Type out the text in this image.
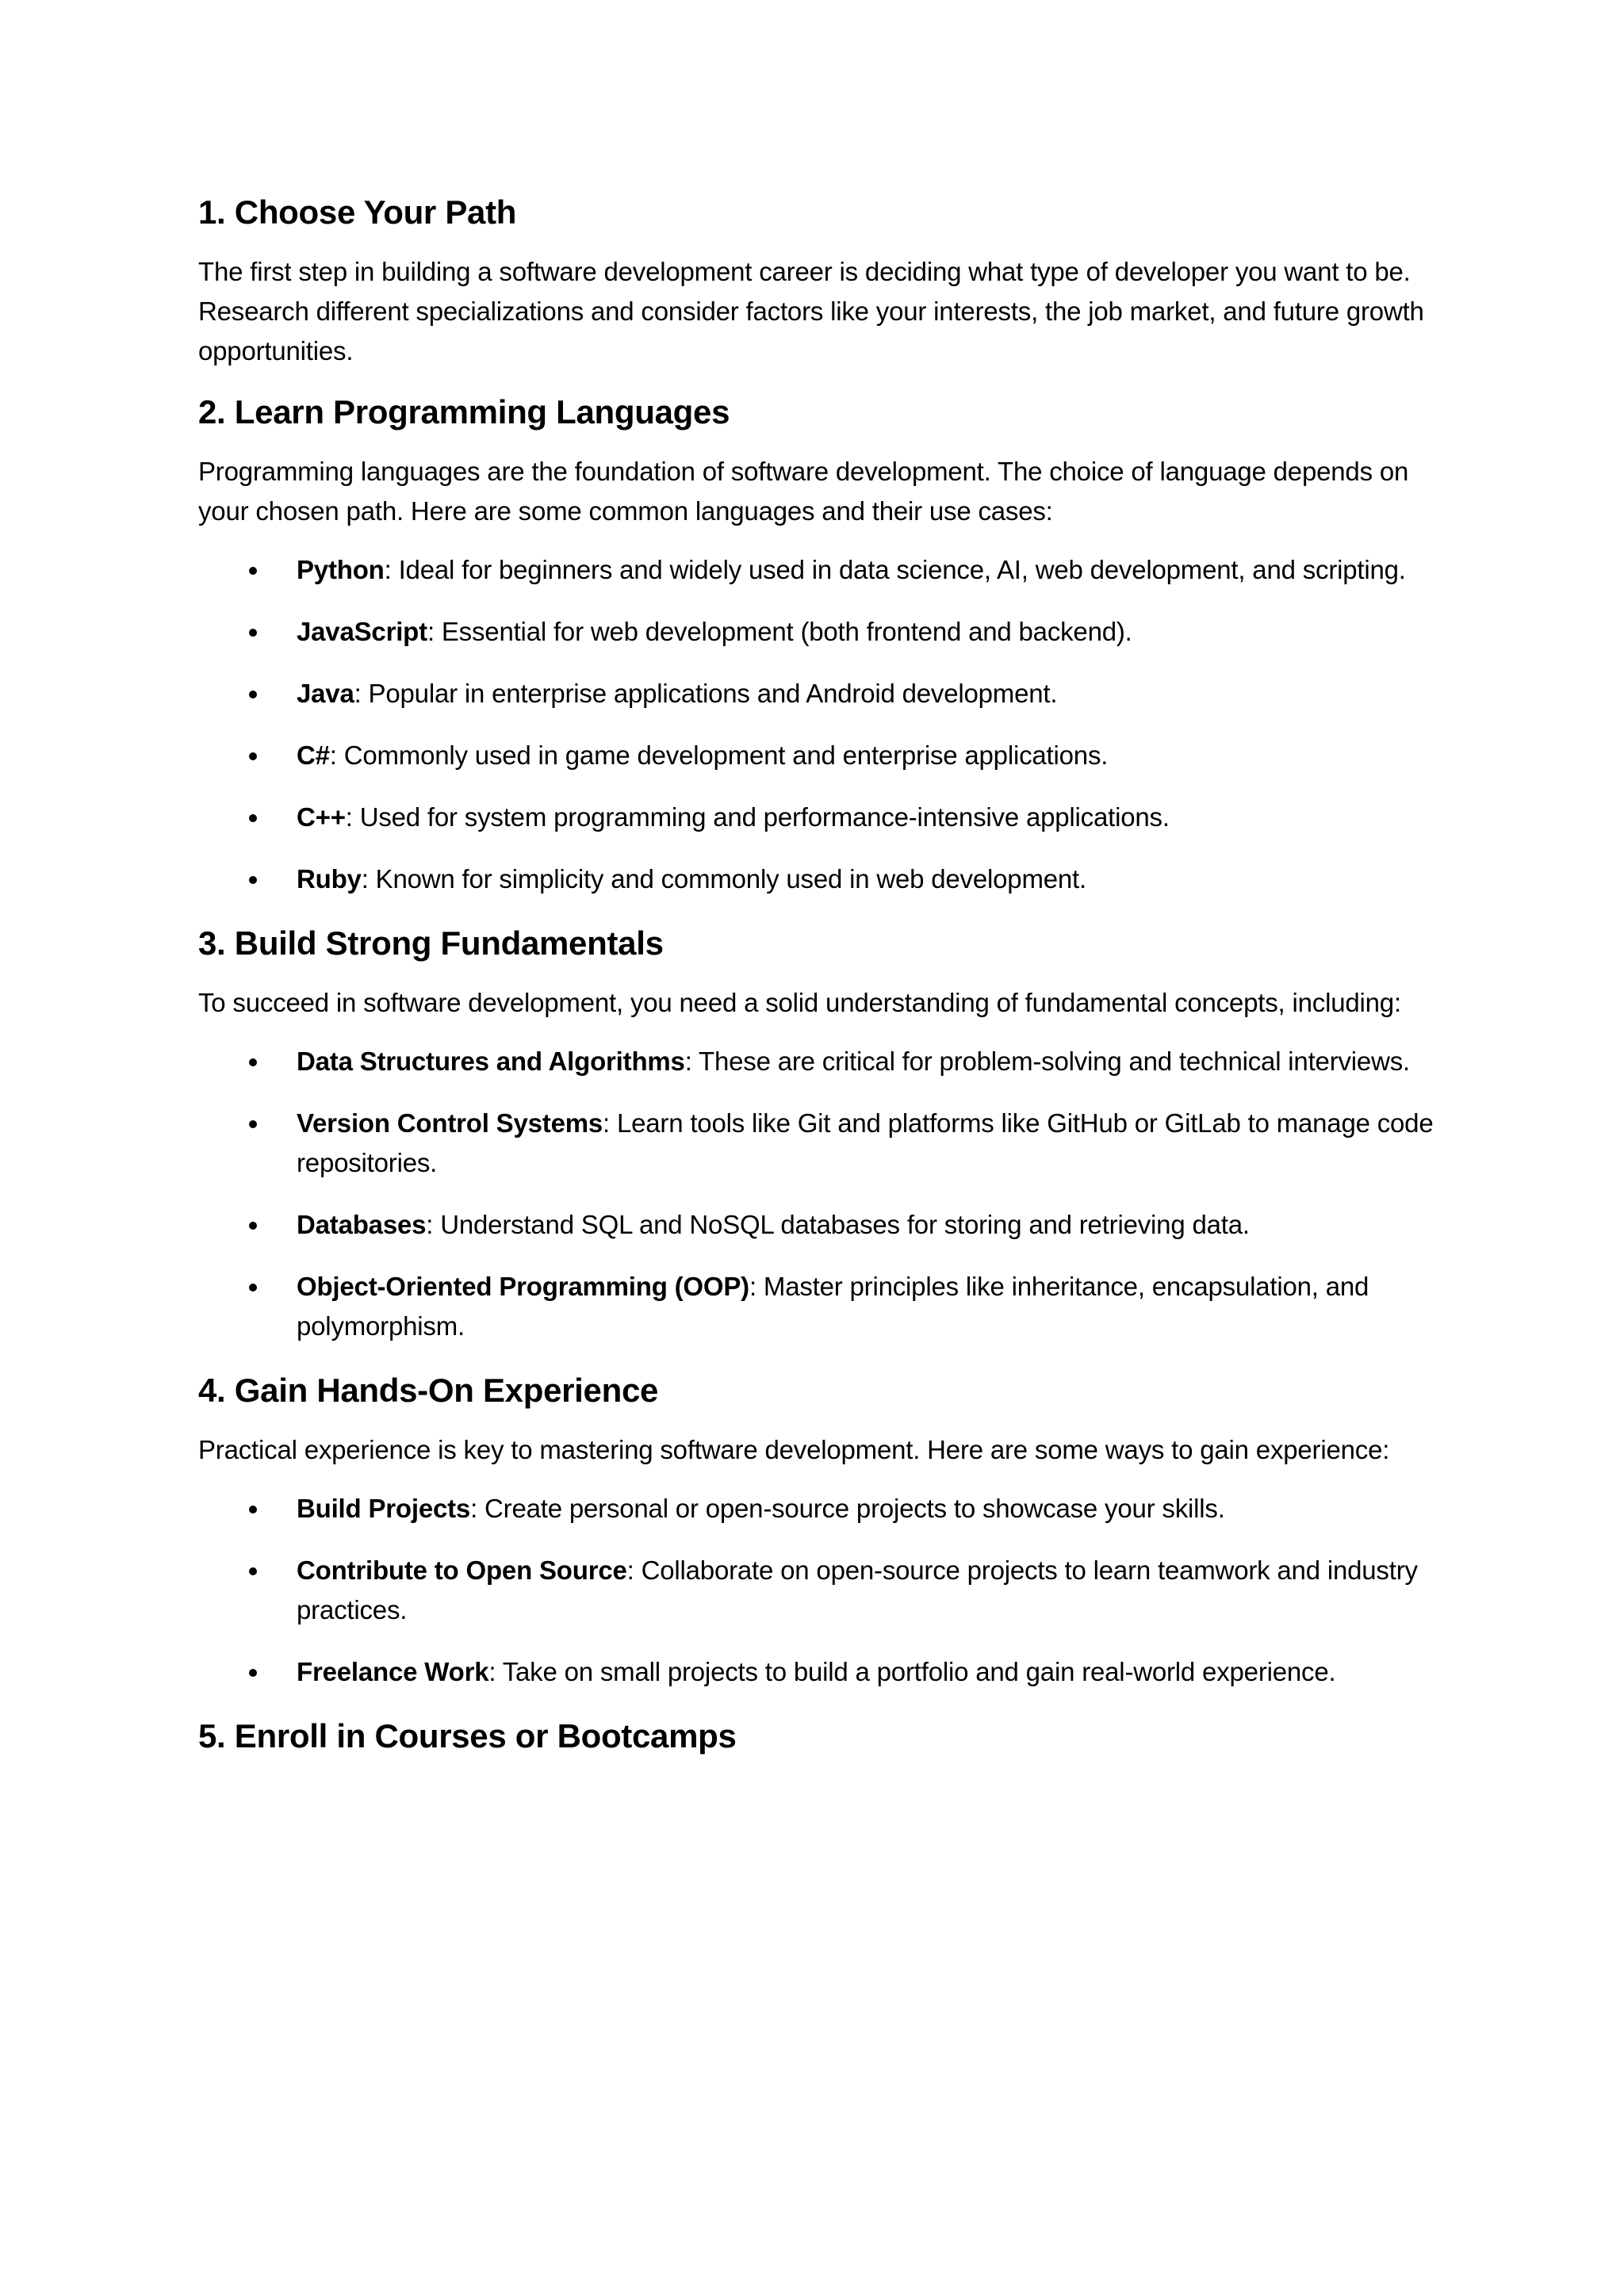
1. Choose Your Path

The first step in building a software development career is deciding what type of developer you want to be. Research different specializations and consider factors like your interests, the job market, and future growth opportunities.

2. Learn Programming Languages

Programming languages are the foundation of software development. The choice of language depends on your chosen path. Here are some common languages and their use cases:

Python: Ideal for beginners and widely used in data science, AI, web development, and scripting.
JavaScript: Essential for web development (both frontend and backend).
Java: Popular in enterprise applications and Android development.
C#: Commonly used in game development and enterprise applications.
C++: Used for system programming and performance-intensive applications.
Ruby: Known for simplicity and commonly used in web development.
3. Build Strong Fundamentals

To succeed in software development, you need a solid understanding of fundamental concepts, including:

Data Structures and Algorithms: These are critical for problem-solving and technical interviews.
Version Control Systems: Learn tools like Git and platforms like GitHub or GitLab to manage code repositories.
Databases: Understand SQL and NoSQL databases for storing and retrieving data.
Object-Oriented Programming (OOP): Master principles like inheritance, encapsulation, and polymorphism.
4. Gain Hands-On Experience

Practical experience is key to mastering software development. Here are some ways to gain experience:

Build Projects: Create personal or open-source projects to showcase your skills.
Contribute to Open Source: Collaborate on open-source projects to learn teamwork and industry practices.
Freelance Work: Take on small projects to build a portfolio and gain real-world experience.
5. Enroll in Courses or Bootcamps
